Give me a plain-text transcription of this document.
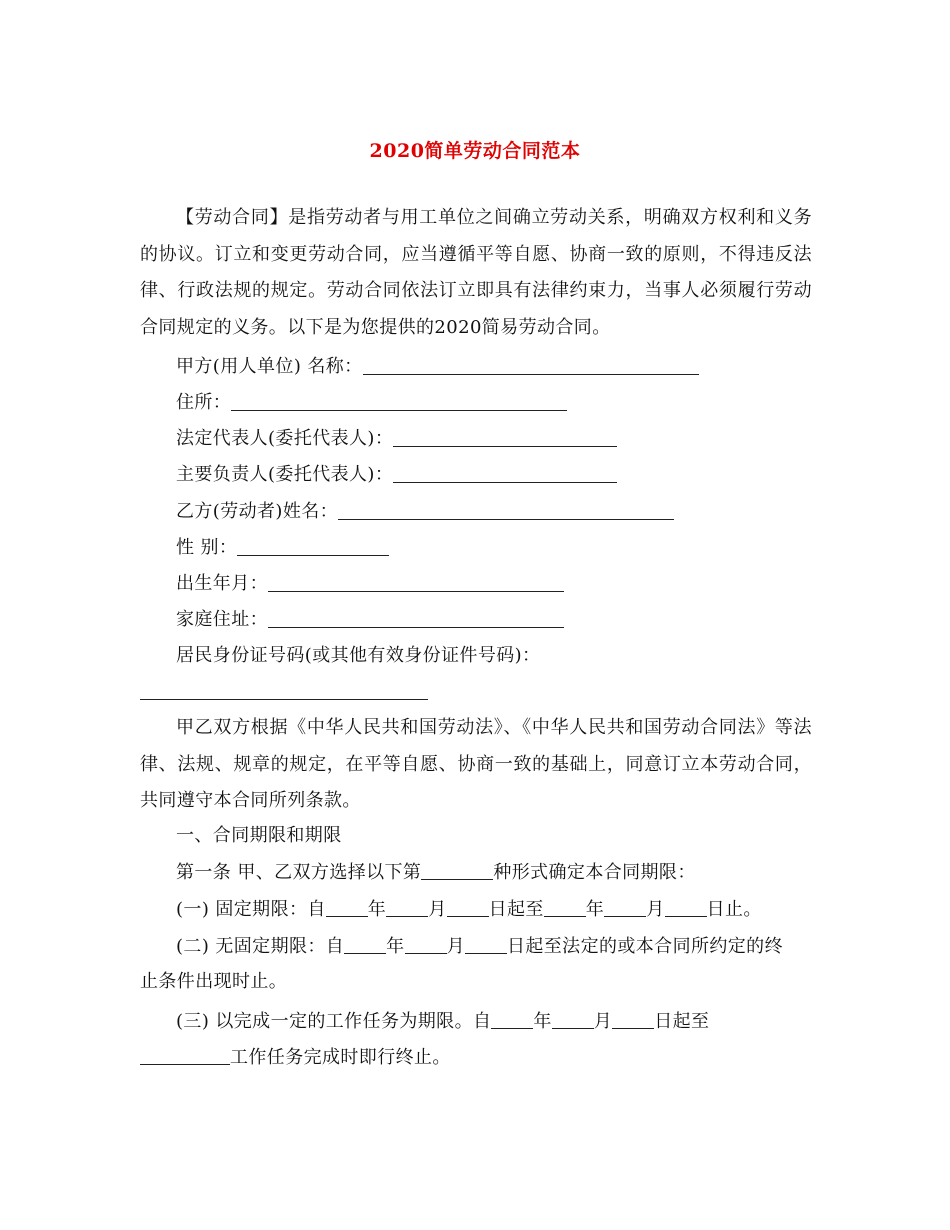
2020简单劳动合同范本
【劳动合同】是指劳动者与用工单位之间确立劳动关系，明确双方权利和义务的协议。订立和变更劳动合同，应当遵循平等自愿、协商一致的原则，不得违反法律、行政法规的规定。劳动合同依法订立即具有法律约束力，当事人必须履行劳动合同规定的义务。以下是为您提供的2020简易劳动合同。
甲方(用人单位) 名称：
住所：
法定代表人(委托代表人)：
主要负责人(委托代表人)：
乙方(劳动者)姓名：
性 别：
出生年月：
家庭住址：
居民身份证号码(或其他有效身份证件号码)：
甲乙双方根据《中华人民共和国劳动法》、《中华人民共和国劳动合同法》等法律、法规、规章的规定，在平等自愿、协商一致的基础上，同意订立本劳动合同，共同遵守本合同所列条款。
一、合同期限和期限
第一条 甲、乙双方选择以下第	种形式确定本合同期限：
(一) 固定期限：自 年 月 日起至 年 月 日止。
(二) 无固定期限：自 年 月 日起至法定的或本合同所约定的终
止条件出现时止。
(三) 以完成一定的工作任务为期限。自 年 月 日起至
工作任务完成时即行终止。
